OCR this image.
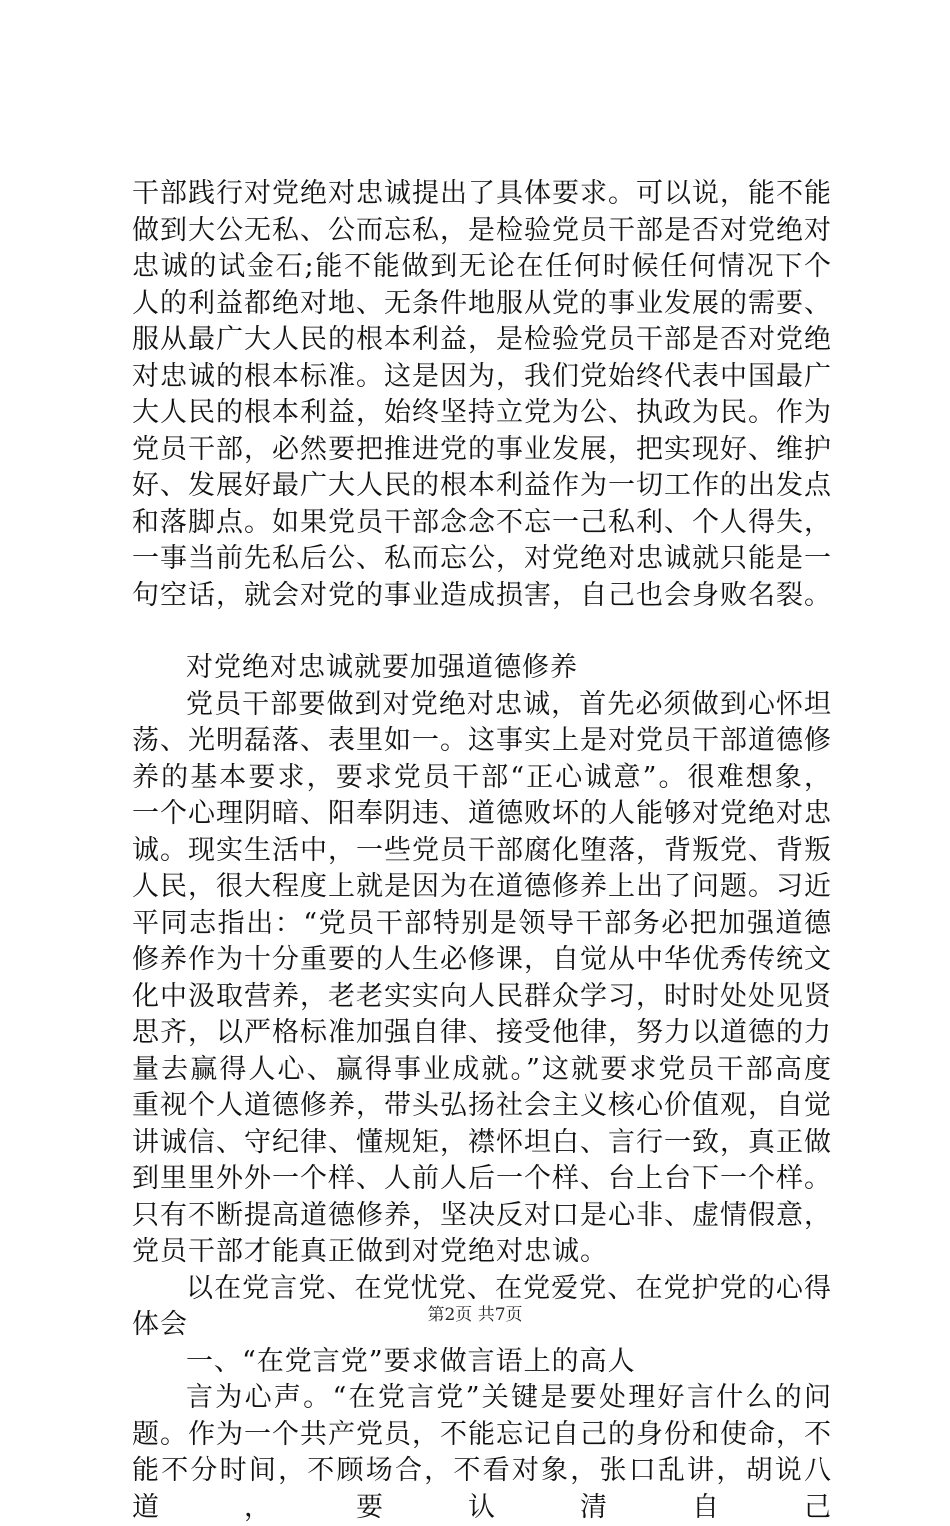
干部践行对党绝对忠诚提出了具体要求。可以说，能不能做到大公无私、公而忘私，是检验党员干部是否对党绝对忠诚的试金石;能不能做到无论在任何时候任何情况下个人的利益都绝对地、无条件地服从党的事业发展的需要、服从最广大人民的根本利益，是检验党员干部是否对党绝对忠诚的根本标准。这是因为，我们党始终代表中国最广大人民的根本利益，始终坚持立党为公、执政为民。作为党员干部，必然要把推进党的事业发展，把实现好、维护好、发展好最广大人民的根本利益作为一切工作的出发点和落脚点。如果党员干部念念不忘一己私利、个人得失，一事当前先私后公、私而忘公，对党绝对忠诚就只能是一句空话，就会对党的事业造成损害，自己也会身败名裂。

对党绝对忠诚就要加强道德修养

党员干部要做到对党绝对忠诚，首先必须做到心怀坦荡、光明磊落、表里如一。这事实上是对党员干部道德修养的基本要求，要求党员干部“正心诚意”。很难想象，一个心理阴暗、阳奉阴违、道德败坏的人能够对党绝对忠诚。现实生活中，一些党员干部腐化堕落，背叛党、背叛人民，很大程度上就是因为在道德修养上出了问题。习近平同志指出：“党员干部特别是领导干部务必把加强道德修养作为十分重要的人生必修课，自觉从中华优秀传统文化中汲取营养，老老实实向人民群众学习，时时处处见贤思齐，以严格标准加强自律、接受他律，努力以道德的力量去赢得人心、赢得事业成就。”这就要求党员干部高度重视个人道德修养，带头弘扬社会主义核心价值观，自觉讲诚信、守纪律、懂规矩，襟怀坦白、言行一致，真正做到里里外外一个样、人前人后一个样、台上台下一个样。只有不断提高道德修养，坚决反对口是心非、虚情假意，党员干部才能真正做到对党绝对忠诚。

以在党言党、在党忧党、在党爱党、在党护党的心得体会

一、“在党言党”要求做言语上的高人

言为心声。“在党言党”关键是要处理好言什么的问题。作为一个共产党员，不能忘记自己的身份和使命，不能不分时间，不顾场合，不看对象，张口乱讲，胡说八道，要认清自己

第2页 共7页
